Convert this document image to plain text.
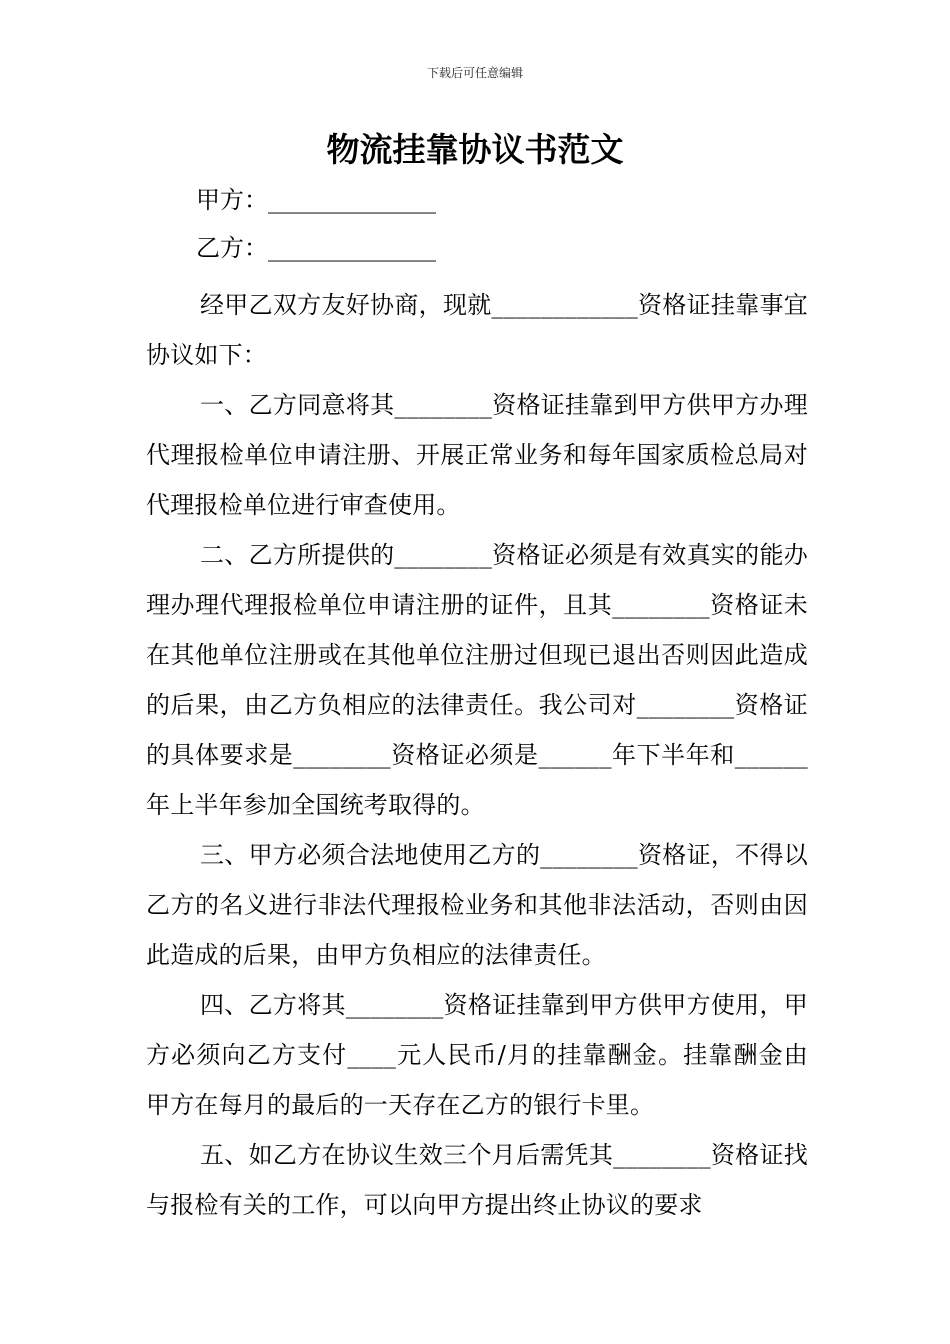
下载后可任意编辑
物流挂靠协议书范文
甲方：______________
乙方：______________

经甲乙双方友好协商，现就____________资格证挂靠事宜协议如下：

一、乙方同意将其________资格证挂靠到甲方供甲方办理代理报检单位申请注册、开展正常业务和每年国家质检总局对代理报检单位进行审查使用。

二、乙方所提供的________资格证必须是有效真实的能办理办理代理报检单位申请注册的证件，且其________资格证未在其他单位注册或在其他单位注册过但现已退出否则因此造成的后果，由乙方负相应的法律责任。我公司对________资格证的具体要求是________资格证必须是______年下半年和______年上半年参加全国统考取得的。

三、甲方必须合法地使用乙方的________资格证，不得以乙方的名义进行非法代理报检业务和其他非法活动，否则由因此造成的后果，由甲方负相应的法律责任。

四、乙方将其________资格证挂靠到甲方供甲方使用，甲方必须向乙方支付____元人民币/月的挂靠酬金。挂靠酬金由甲方在每月的最后的一天存在乙方的银行卡里。

五、如乙方在协议生效三个月后需凭其________资格证找与报检有关的工作，可以向甲方提出终止协议的要求
